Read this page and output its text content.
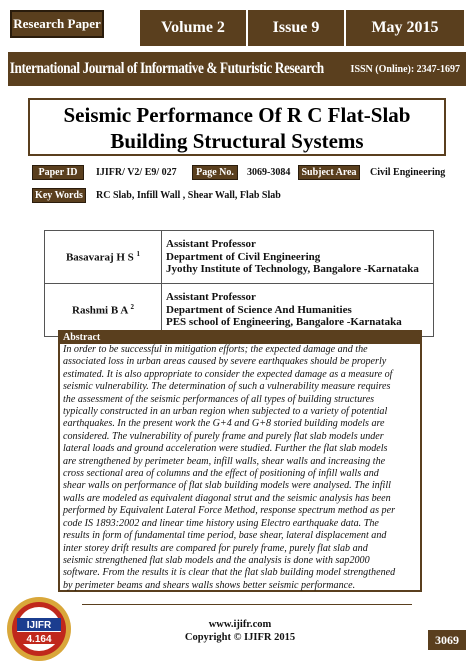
Research Paper	Volume 2	Issue 9	May 2015
International Journal of Informative & Futuristic Research	ISSN (Online): 2347-1697
Seismic Performance Of R C Flat-Slab
Building Structural Systems
Paper ID	IJIFR/ V2/ E9/ 027	Page No.	3069-3084	Subject Area	Civil Engineering
Key Words	RC Slab, Infill Wall , Shear Wall, Flab Slab
Basavaraj H S $^1$	Assistant Professor
Department of Civil Engineering
Jyothy Institute of Technology, Bangalore -Karnataka

Rashmi B A $^2$	Assistant Professor
Department of Science And Humanities
PES school of Engineering, Bangalore -Karnataka
Abstract
In order to be successful in mitigation efforts; the expected damage and the
associated loss in urban areas caused by severe earthquakes should be properly
estimated. It is also appropriate to consider the expected damage as a measure of
seismic vulnerability. The determination of such a vulnerability measure requires
the assessment of the seismic performances of all types of building structures
typically constructed in an urban region when subjected to a variety of potential
earthquakes. In the present work the G+4 and G+8 storied building models are
considered. The vulnerability of purely frame and purely flat slab models under
lateral loads and ground acceleration were studied. Further the flat slab models
are strengthened by perimeter beam, infill walls, shear walls and increasing the
cross sectional area of columns and the effect of positioning of infill walls and
shear walls on performance of flat slab building models were analysed. The infill
walls are modeled as equivalent diagonal strut and the seismic analysis has been
performed by Equivalent Lateral Force Method, response spectrum method as per
code IS 1893:2002 and linear time history using Electro earthquake data. The
results in form of fundamental time period, base shear, lateral displacement and
inter storey drift results are compared for purely frame, purely flat slab and
seismic strengthened flat slab models and the analysis is done with sap2000
software. From the results it is clear that the flat slab building model strengthened
by perimeter beams and shears walls shows better seismic performance.
IJIFR
4.164
www.ijifr.com
Copyright © IJIFR 2015	3069
